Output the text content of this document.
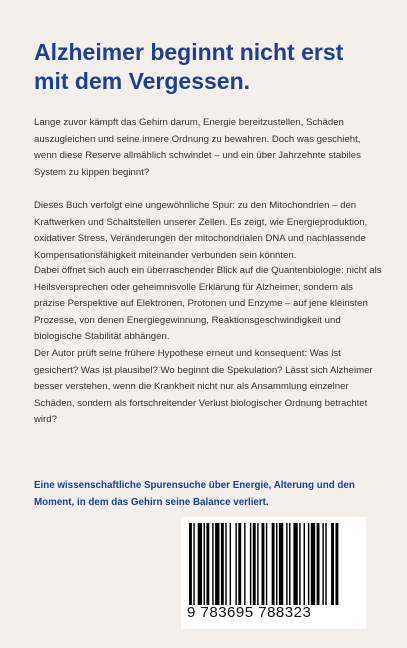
Alzheimer beginnt nicht erst mit dem Vergessen.

Lange zuvor kämpft das Gehirn darum, Energie bereitzustellen, Schäden auszugleichen und seine innere Ordnung zu bewahren. Doch was geschieht, wenn diese Reserve allmählich schwindet – und ein über Jahrzehnte stabiles System zu kippen beginnt?

Dieses Buch verfolgt eine ungewöhnliche Spur: zu den Mitochondrien – den Kraftwerken und Schaltstellen unserer Zellen. Es zeigt, wie Energieproduktion, oxidativer Stress, Veränderungen der mitochondrialen DNA und nachlassende Kompensationsfähigkeit miteinander verbunden sein könnten.

Dabei öffnet sich auch ein überraschender Blick auf die Quantenbiologie: nicht als Heilsversprechen oder geheimnisvolle Erklärung für Alzheimer, sondern als präzise Perspektive auf Elektronen, Protonen und Enzyme – auf jene kleinsten Prozesse, von denen Energiegewinnung, Reaktionsgeschwindigkeit und biologische Stabilität abhängen.

Der Autor prüft seine frühere Hypothese erneut und konsequent: Was ist gesichert? Was ist plausibel? Wo beginnt die Spekulation? Lässt sich Alzheimer besser verstehen, wenn die Krankheit nicht nur als Ansammlung einzelner Schäden, sondern als fortschreitender Verlust biologischer Ordnung betrachtet wird?

Eine wissenschaftliche Spurensuche über Energie, Alterung und den Moment, in dem das Gehirn seine Balance verliert.

9 783695 788323
